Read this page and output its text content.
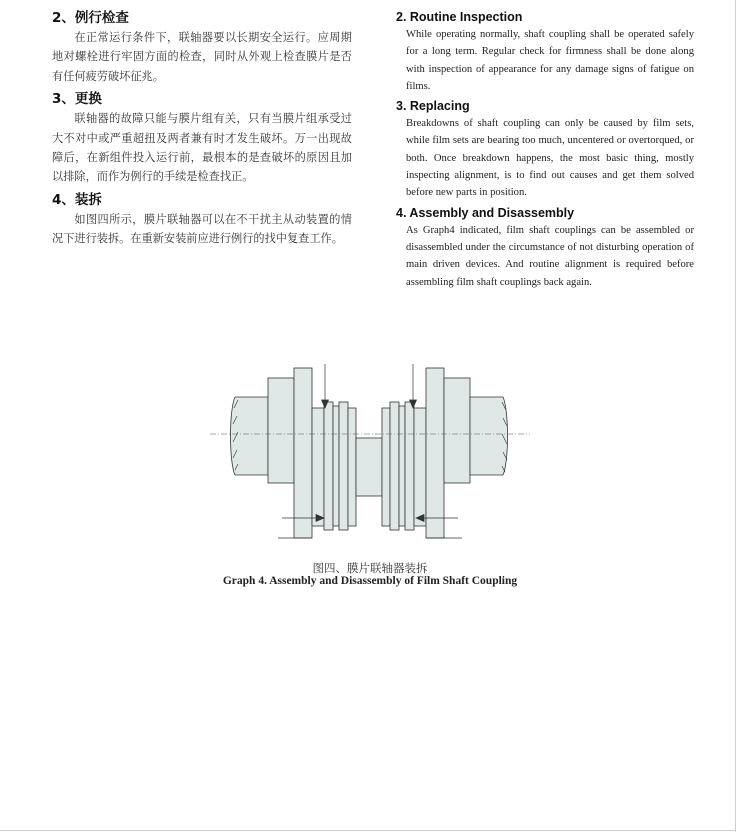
2、例行检查

在正常运行条件下，联轴器要以长期安全运行。应周期地对螺栓进行牢固方面的检查，同时从外观上检查膜片是否有任何疲劳破坏征兆。

3、更换

联轴器的故障只能与膜片组有关，只有当膜片组承受过大不对中或严重超扭及两者兼有时才发生破坏。万一出现故障后，在新组件投入运行前，最根本的是查破坏的原因且加以排除，而作为例行的手续是检查找正。

4、装拆

如图四所示，膜片联轴器可以在不干扰主从动装置的情况下进行装拆。在重新安装前应进行例行的找中复查工作。

2. Routine Inspection

While operating normally, shaft coupling shall be operated safely for a long term. Regular check for firmness shall be done along with inspection of appearance for any damage signs of fatigue on films.

3. Replacing

Breakdowns of shaft coupling can only be caused by film sets, while film sets are bearing too much, uncentered or overtorqued, or both. Once breakdown happens, the most basic thing, mostly inspecting alignment, is to find out causes and get them solved before new parts in position.

4. Assembly and Disassembly

As Graph4 indicated, film shaft couplings can be assembled or disassembled under the circumstance of not disturbing operation of main driven devices. And routine alignment is required before assembling film shaft couplings back again.

图四、膜片联轴器装拆
Graph 4. Assembly and Disassembly of Film Shaft Coupling
